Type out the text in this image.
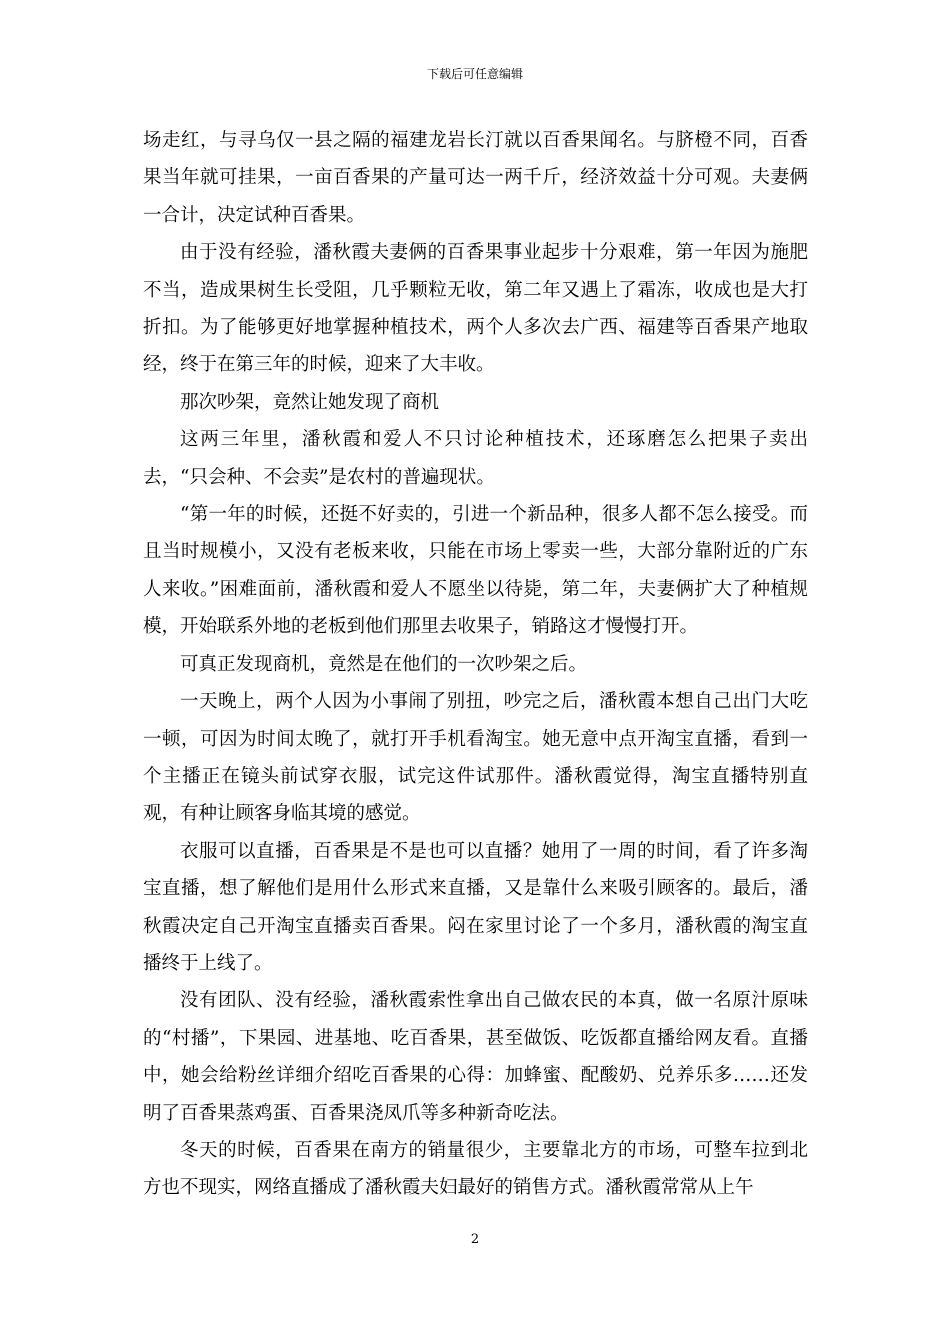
下载后可任意编辑

场走红，与寻乌仅一县之隔的福建龙岩长汀就以百香果闻名。与脐橙不同，百香果当年就可挂果，一亩百香果的产量可达一两千斤，经济效益十分可观。夫妻俩一合计，决定试种百香果。

由于没有经验，潘秋霞夫妻俩的百香果事业起步十分艰难，第一年因为施肥不当，造成果树生长受阻，几乎颗粒无收，第二年又遇上了霜冻，收成也是大打折扣。为了能够更好地掌握种植技术，两个人多次去广西、福建等百香果产地取经，终于在第三年的时候，迎来了大丰收。

那次吵架，竟然让她发现了商机

这两三年里，潘秋霞和爱人不只讨论种植技术，还琢磨怎么把果子卖出去，“只会种、不会卖”是农村的普遍现状。

“第一年的时候，还挺不好卖的，引进一个新品种，很多人都不怎么接受。而且当时规模小，又没有老板来收，只能在市场上零卖一些，大部分靠附近的广东人来收。”困难面前，潘秋霞和爱人不愿坐以待毙，第二年，夫妻俩扩大了种植规模，开始联系外地的老板到他们那里去收果子，销路这才慢慢打开。

可真正发现商机，竟然是在他们的一次吵架之后。

一天晚上，两个人因为小事闹了别扭，吵完之后，潘秋霞本想自己出门大吃一顿，可因为时间太晚了，就打开手机看淘宝。她无意中点开淘宝直播，看到一个主播正在镜头前试穿衣服，试完这件试那件。潘秋霞觉得，淘宝直播特别直观，有种让顾客身临其境的感觉。

衣服可以直播，百香果是不是也可以直播？她用了一周的时间，看了许多淘宝直播，想了解他们是用什么形式来直播，又是靠什么来吸引顾客的。最后，潘秋霞决定自己开淘宝直播卖百香果。闷在家里讨论了一个多月，潘秋霞的淘宝直播终于上线了。

没有团队、没有经验，潘秋霞索性拿出自己做农民的本真，做一名原汁原味的“村播”，下果园、进基地、吃百香果，甚至做饭、吃饭都直播给网友看。直播中，她会给粉丝详细介绍吃百香果的心得：加蜂蜜、配酸奶、兑养乐多……还发明了百香果蒸鸡蛋、百香果浇凤爪等多种新奇吃法。

冬天的时候，百香果在南方的销量很少，主要靠北方的市场，可整车拉到北方也不现实，网络直播成了潘秋霞夫妇最好的销售方式。潘秋霞常常从上午

2
